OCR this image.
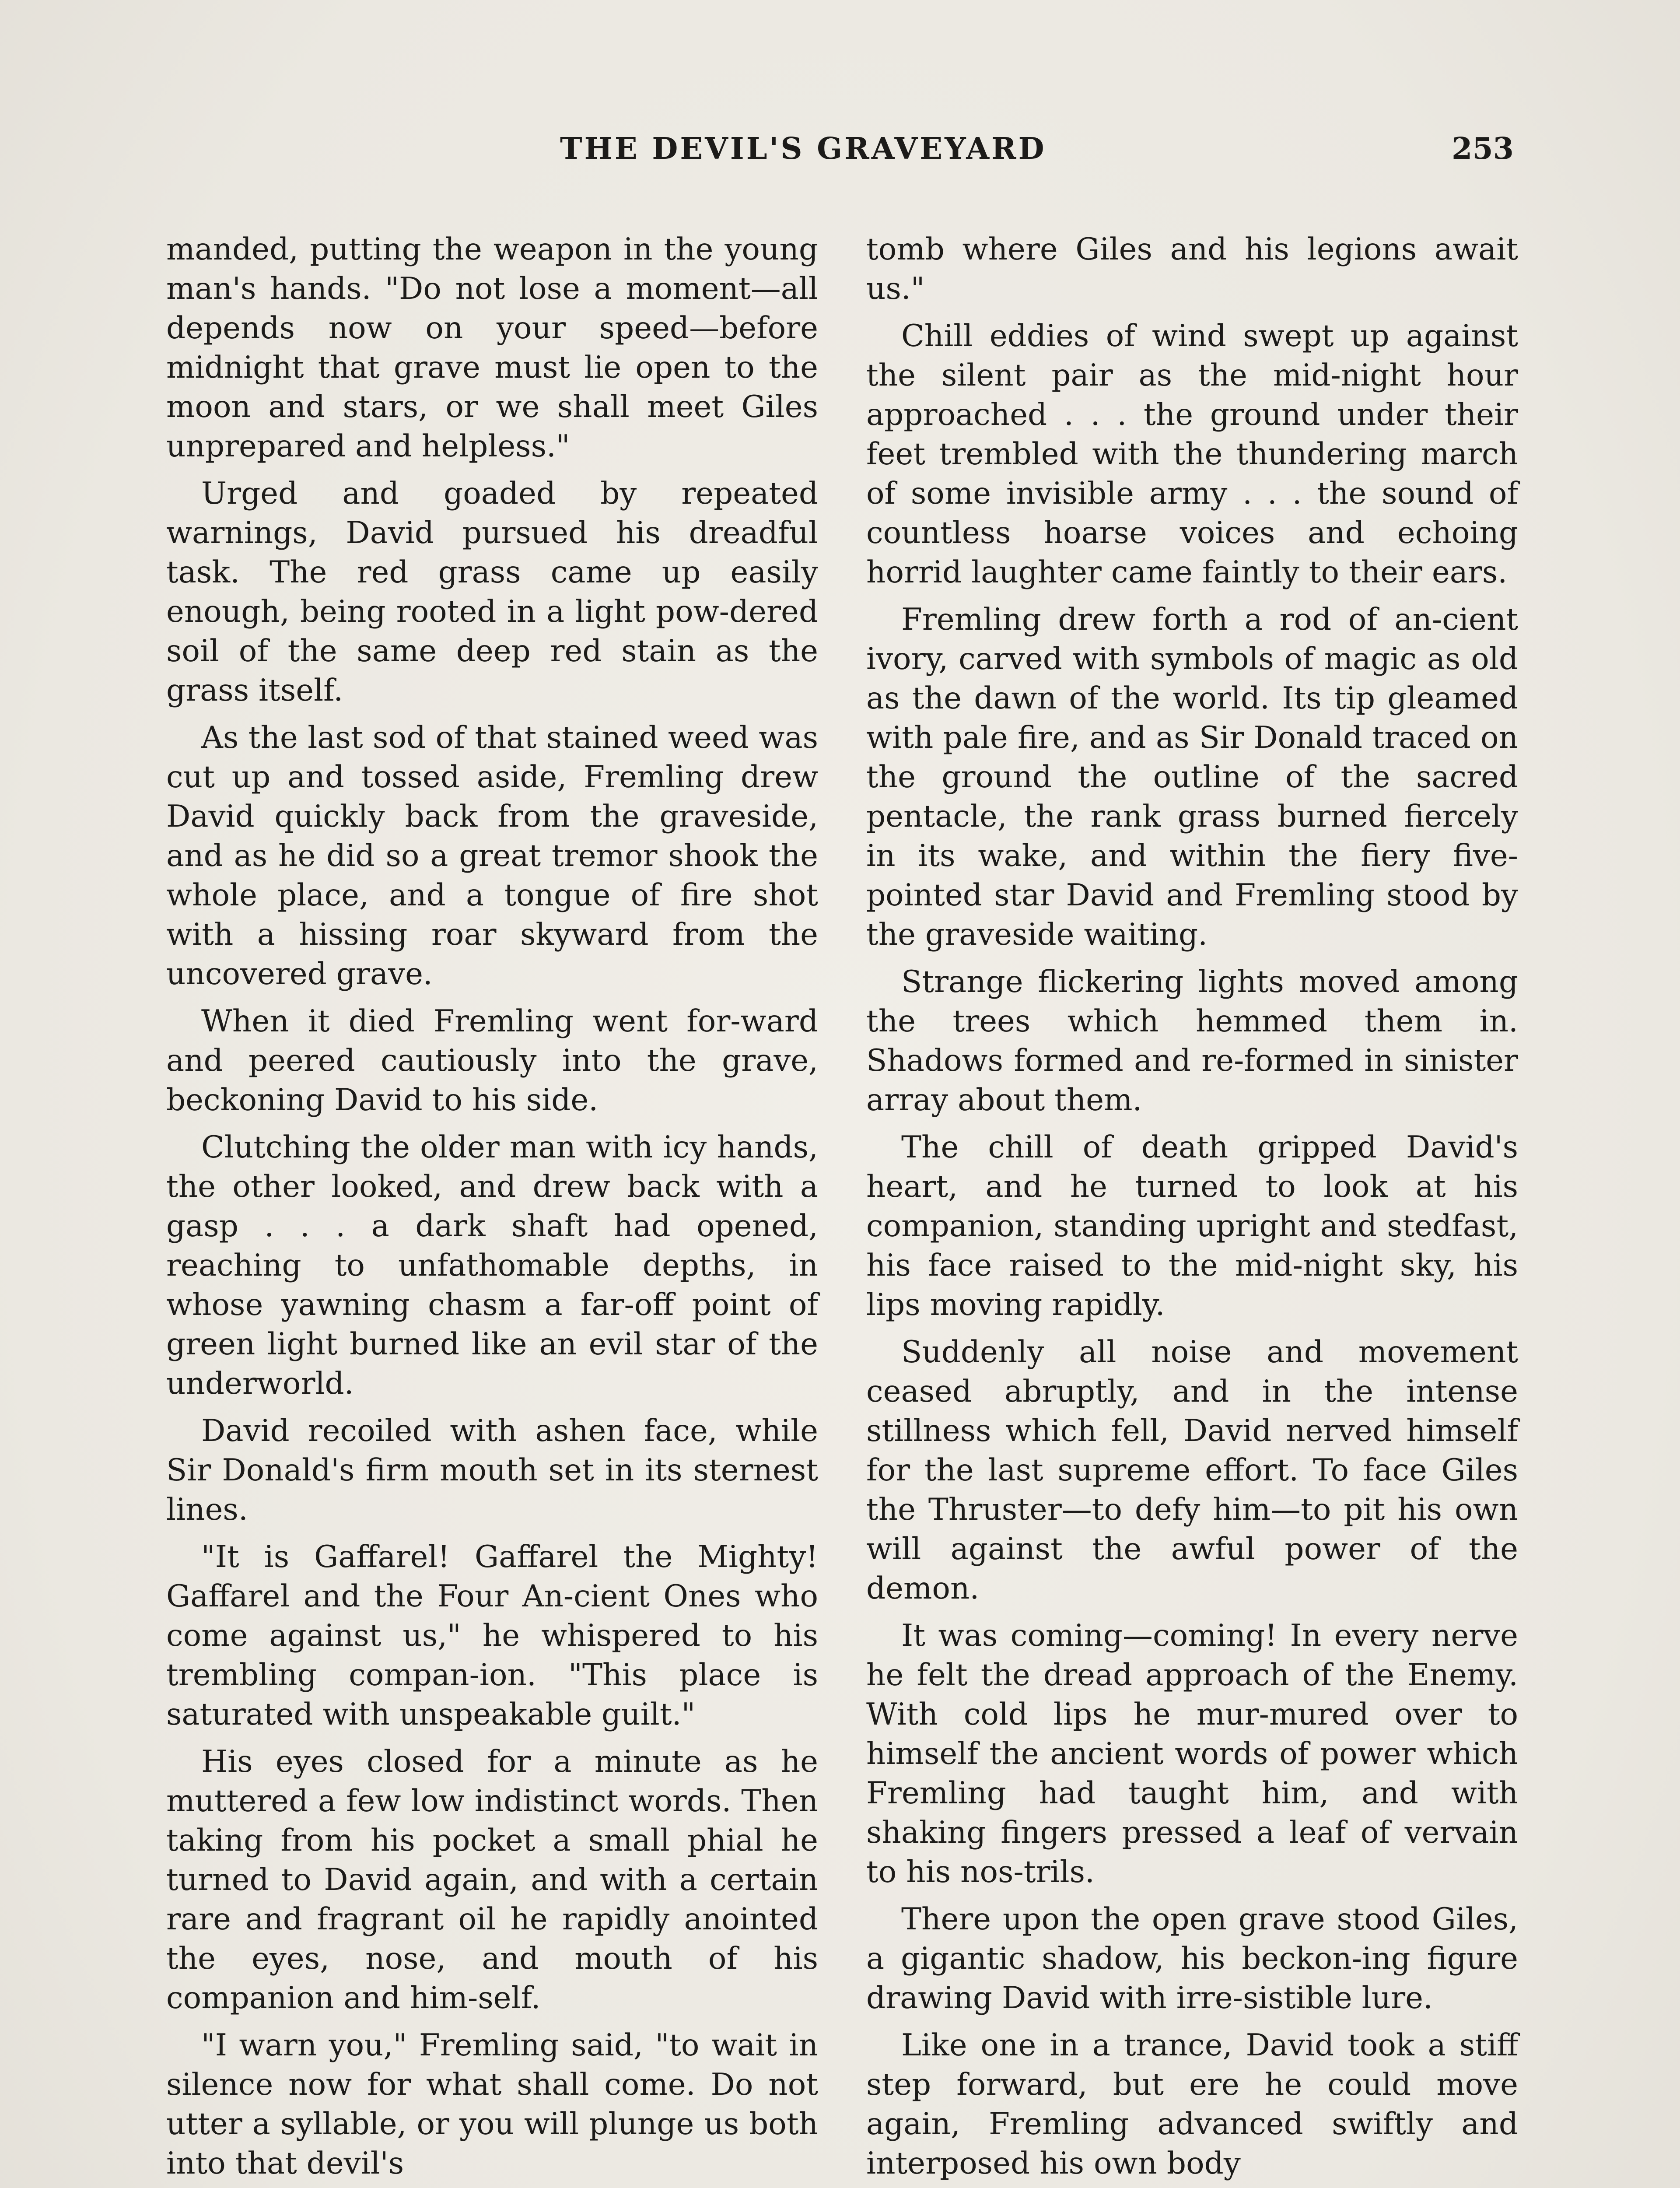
THE DEVIL'S GRAVEYARD	253

manded, putting the weapon in the young man's hands. "Do not lose a moment—all depends now on your speed—before midnight that grave must lie open to the moon and stars, or we shall meet Giles unprepared and helpless."

Urged and goaded by repeated warnings, David pursued his dreadful task. The red grass came up easily enough, being rooted in a light pow-dered soil of the same deep red stain as the grass itself.

As the last sod of that stained weed was cut up and tossed aside, Fremling drew David quickly back from the graveside, and as he did so a great tremor shook the whole place, and a tongue of fire shot with a hissing roar skyward from the uncovered grave.

When it died Fremling went for-ward and peered cautiously into the grave, beckoning David to his side.

Clutching the older man with icy hands, the other looked, and drew back with a gasp . . . a dark shaft had opened, reaching to unfathomable depths, in whose yawning chasm a far-off point of green light burned like an evil star of the underworld.

David recoiled with ashen face, while Sir Donald's firm mouth set in its sternest lines.

"It is Gaffarel! Gaffarel the Mighty! Gaffarel and the Four An-cient Ones who come against us," he whispered to his trembling compan-ion. "This place is saturated with unspeakable guilt."

His eyes closed for a minute as he muttered a few low indistinct words. Then taking from his pocket a small phial he turned to David again, and with a certain rare and fragrant oil he rapidly anointed the eyes, nose, and mouth of his companion and him-self.

"I warn you," Fremling said, "to wait in silence now for what shall come. Do not utter a syllable, or you will plunge us both into that devil's

tomb where Giles and his legions await us."

Chill eddies of wind swept up against the silent pair as the mid-night hour approached . . . the ground under their feet trembled with the thundering march of some invisible army . . . the sound of countless hoarse voices and echoing horrid laughter came faintly to their ears.

Fremling drew forth a rod of an-cient ivory, carved with symbols of magic as old as the dawn of the world. Its tip gleamed with pale fire, and as Sir Donald traced on the ground the outline of the sacred pentacle, the rank grass burned fiercely in its wake, and within the fiery five-pointed star David and Fremling stood by the graveside waiting.

Strange flickering lights moved among the trees which hemmed them in. Shadows formed and re-formed in sinister array about them.

The chill of death gripped David's heart, and he turned to look at his companion, standing upright and stedfast, his face raised to the mid-night sky, his lips moving rapidly.

Suddenly all noise and movement ceased abruptly, and in the intense stillness which fell, David nerved himself for the last supreme effort. To face Giles the Thruster—to defy him—to pit his own will against the awful power of the demon.

It was coming—coming! In every nerve he felt the dread approach of the Enemy. With cold lips he mur-mured over to himself the ancient words of power which Fremling had taught him, and with shaking fingers pressed a leaf of vervain to his nos-trils.

There upon the open grave stood Giles, a gigantic shadow, his beckon-ing figure drawing David with irre-sistible lure.

Like one in a trance, David took a stiff step forward, but ere he could move again, Fremling advanced swiftly and interposed his own body
